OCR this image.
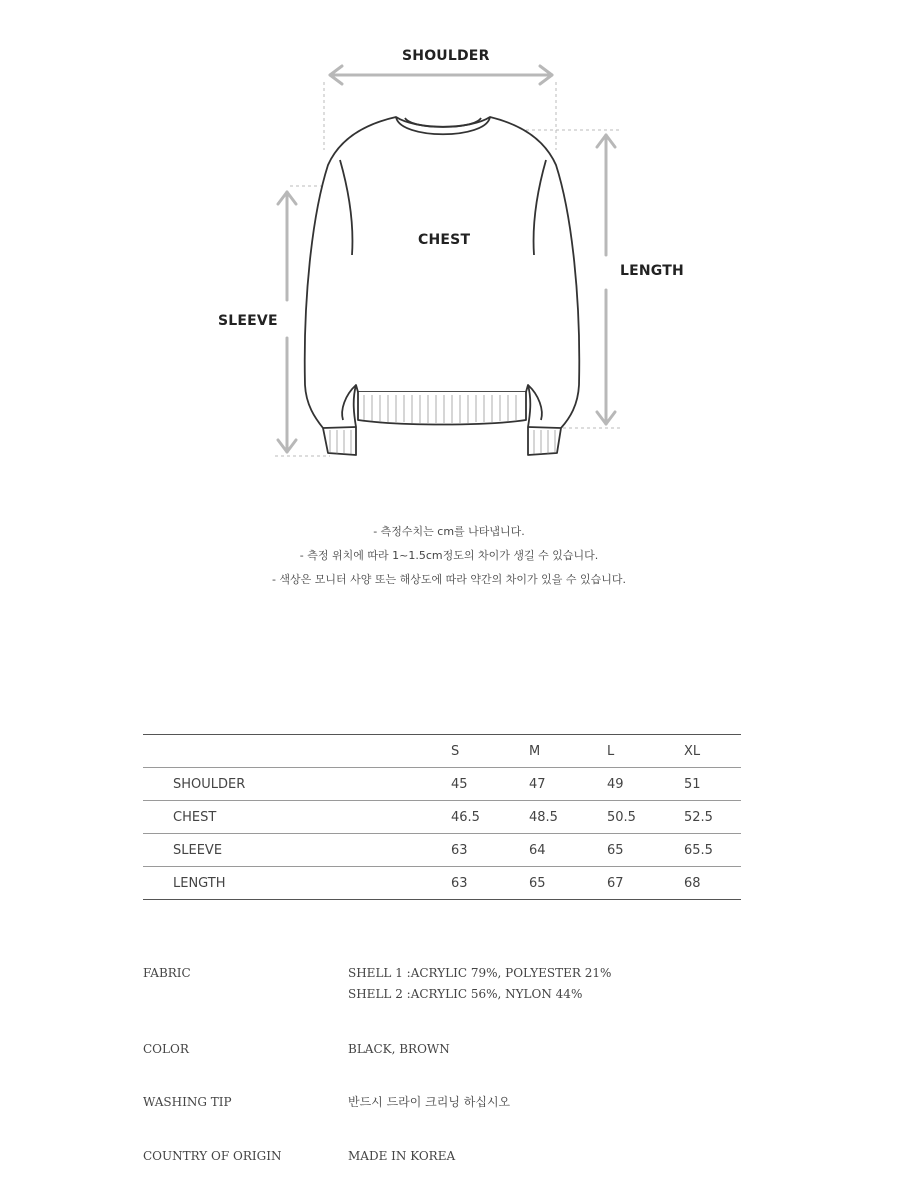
SHOULDER
CHEST
LENGTH
SLEEVE
- 측정수치는 cm를 나타냅니다.
- 측정 위치에 따라 1~1.5cm정도의 차이가 생길 수 있습니다.
- 색상은 모니터 사양 또는 해상도에 따라 약간의 차이가 있을 수 있습니다.
	S	M	L	XL
SHOULDER	45	47	49	51
CHEST	46.5	48.5	50.5	52.5
SLEEVE	63	64	65	65.5
LENGTH	63	65	67	68
FABRIC	SHELL 1 :ACRYLIC 79%, POLYESTER 21%
SHELL 2 :ACRYLIC 56%, NYLON 44%
COLOR	BLACK, BROWN
WASHING TIP	반드시 드라이 크리닝 하십시오
COUNTRY OF ORIGIN	MADE IN KOREA
